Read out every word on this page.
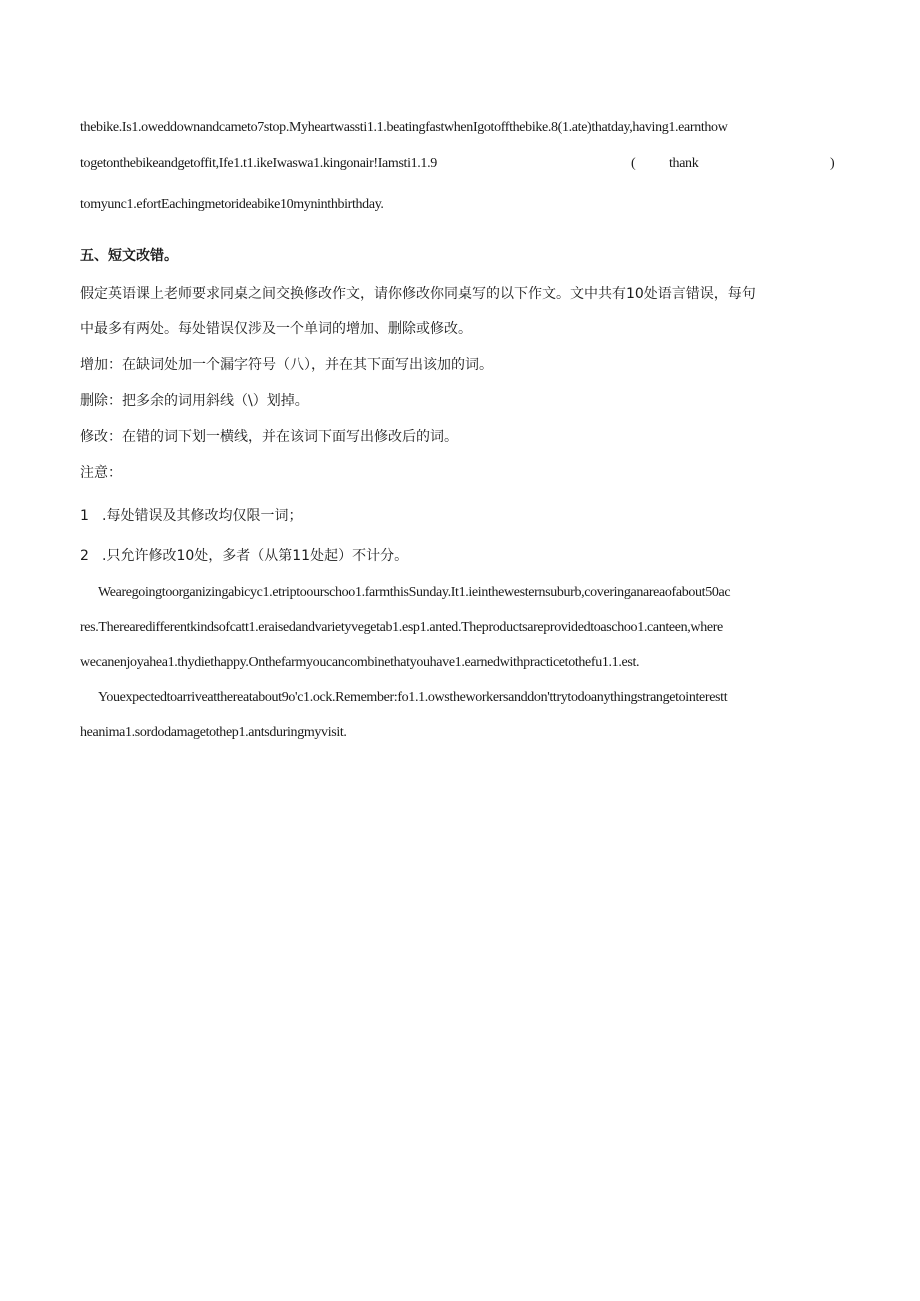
thebike.Is1.oweddownandcameto7stop.Myheartwassti1.1.beatingfastwhenIgotoffthebike.8(1.ate)thatday,having1.earnthow
togetonthebikeandgetoffit,Ife1.t1.ikeIwaswa1.kingonair!Iamsti1.1.9	( thank	)
tomyunc1.efortEachingmetorideabike10myninthbirthday.
五、短文改错。
假定英语课上老师要求同桌之间交换修改作文，请你修改你同桌写的以下作文。文中共有10处语言错误，每句
中最多有两处。每处错误仅涉及一个单词的增加、删除或修改。
增加：在缺词处加一个漏字符号（八），并在其下面写出该加的词。
删除：把多余的词用斜线（\）划掉。
修改：在错的词下划一横线，并在该词下面写出修改后的词。
注意：
1 .每处错误及其修改均仅限一词；
2 .只允许修改10处，多者（从第11处起）不计分。
Wearegoingtoorganizingabicyc1.etriptoourschoo1.farmthisSunday.It1.ieinthewesternsuburb,coveringanareaofabout50ac
res.Therearedifferentkindsofcatt1.eraisedandvarietyvegetab1.esp1.anted.Theproductsareprovidedtoaschoo1.canteen,where
wecanenjoyahea1.thydiethappy.Onthefarmyoucancombinethatyouhave1.earnedwithpracticetothefu1.1.est.
Youexpectedtoarriveatthereatabout9o'c1.ock.Remember:fo1.1.owstheworkersanddon'ttrytodoanythingstrangetointerestt
heanima1.sordodamagetothep1.antsduringmyvisit.
